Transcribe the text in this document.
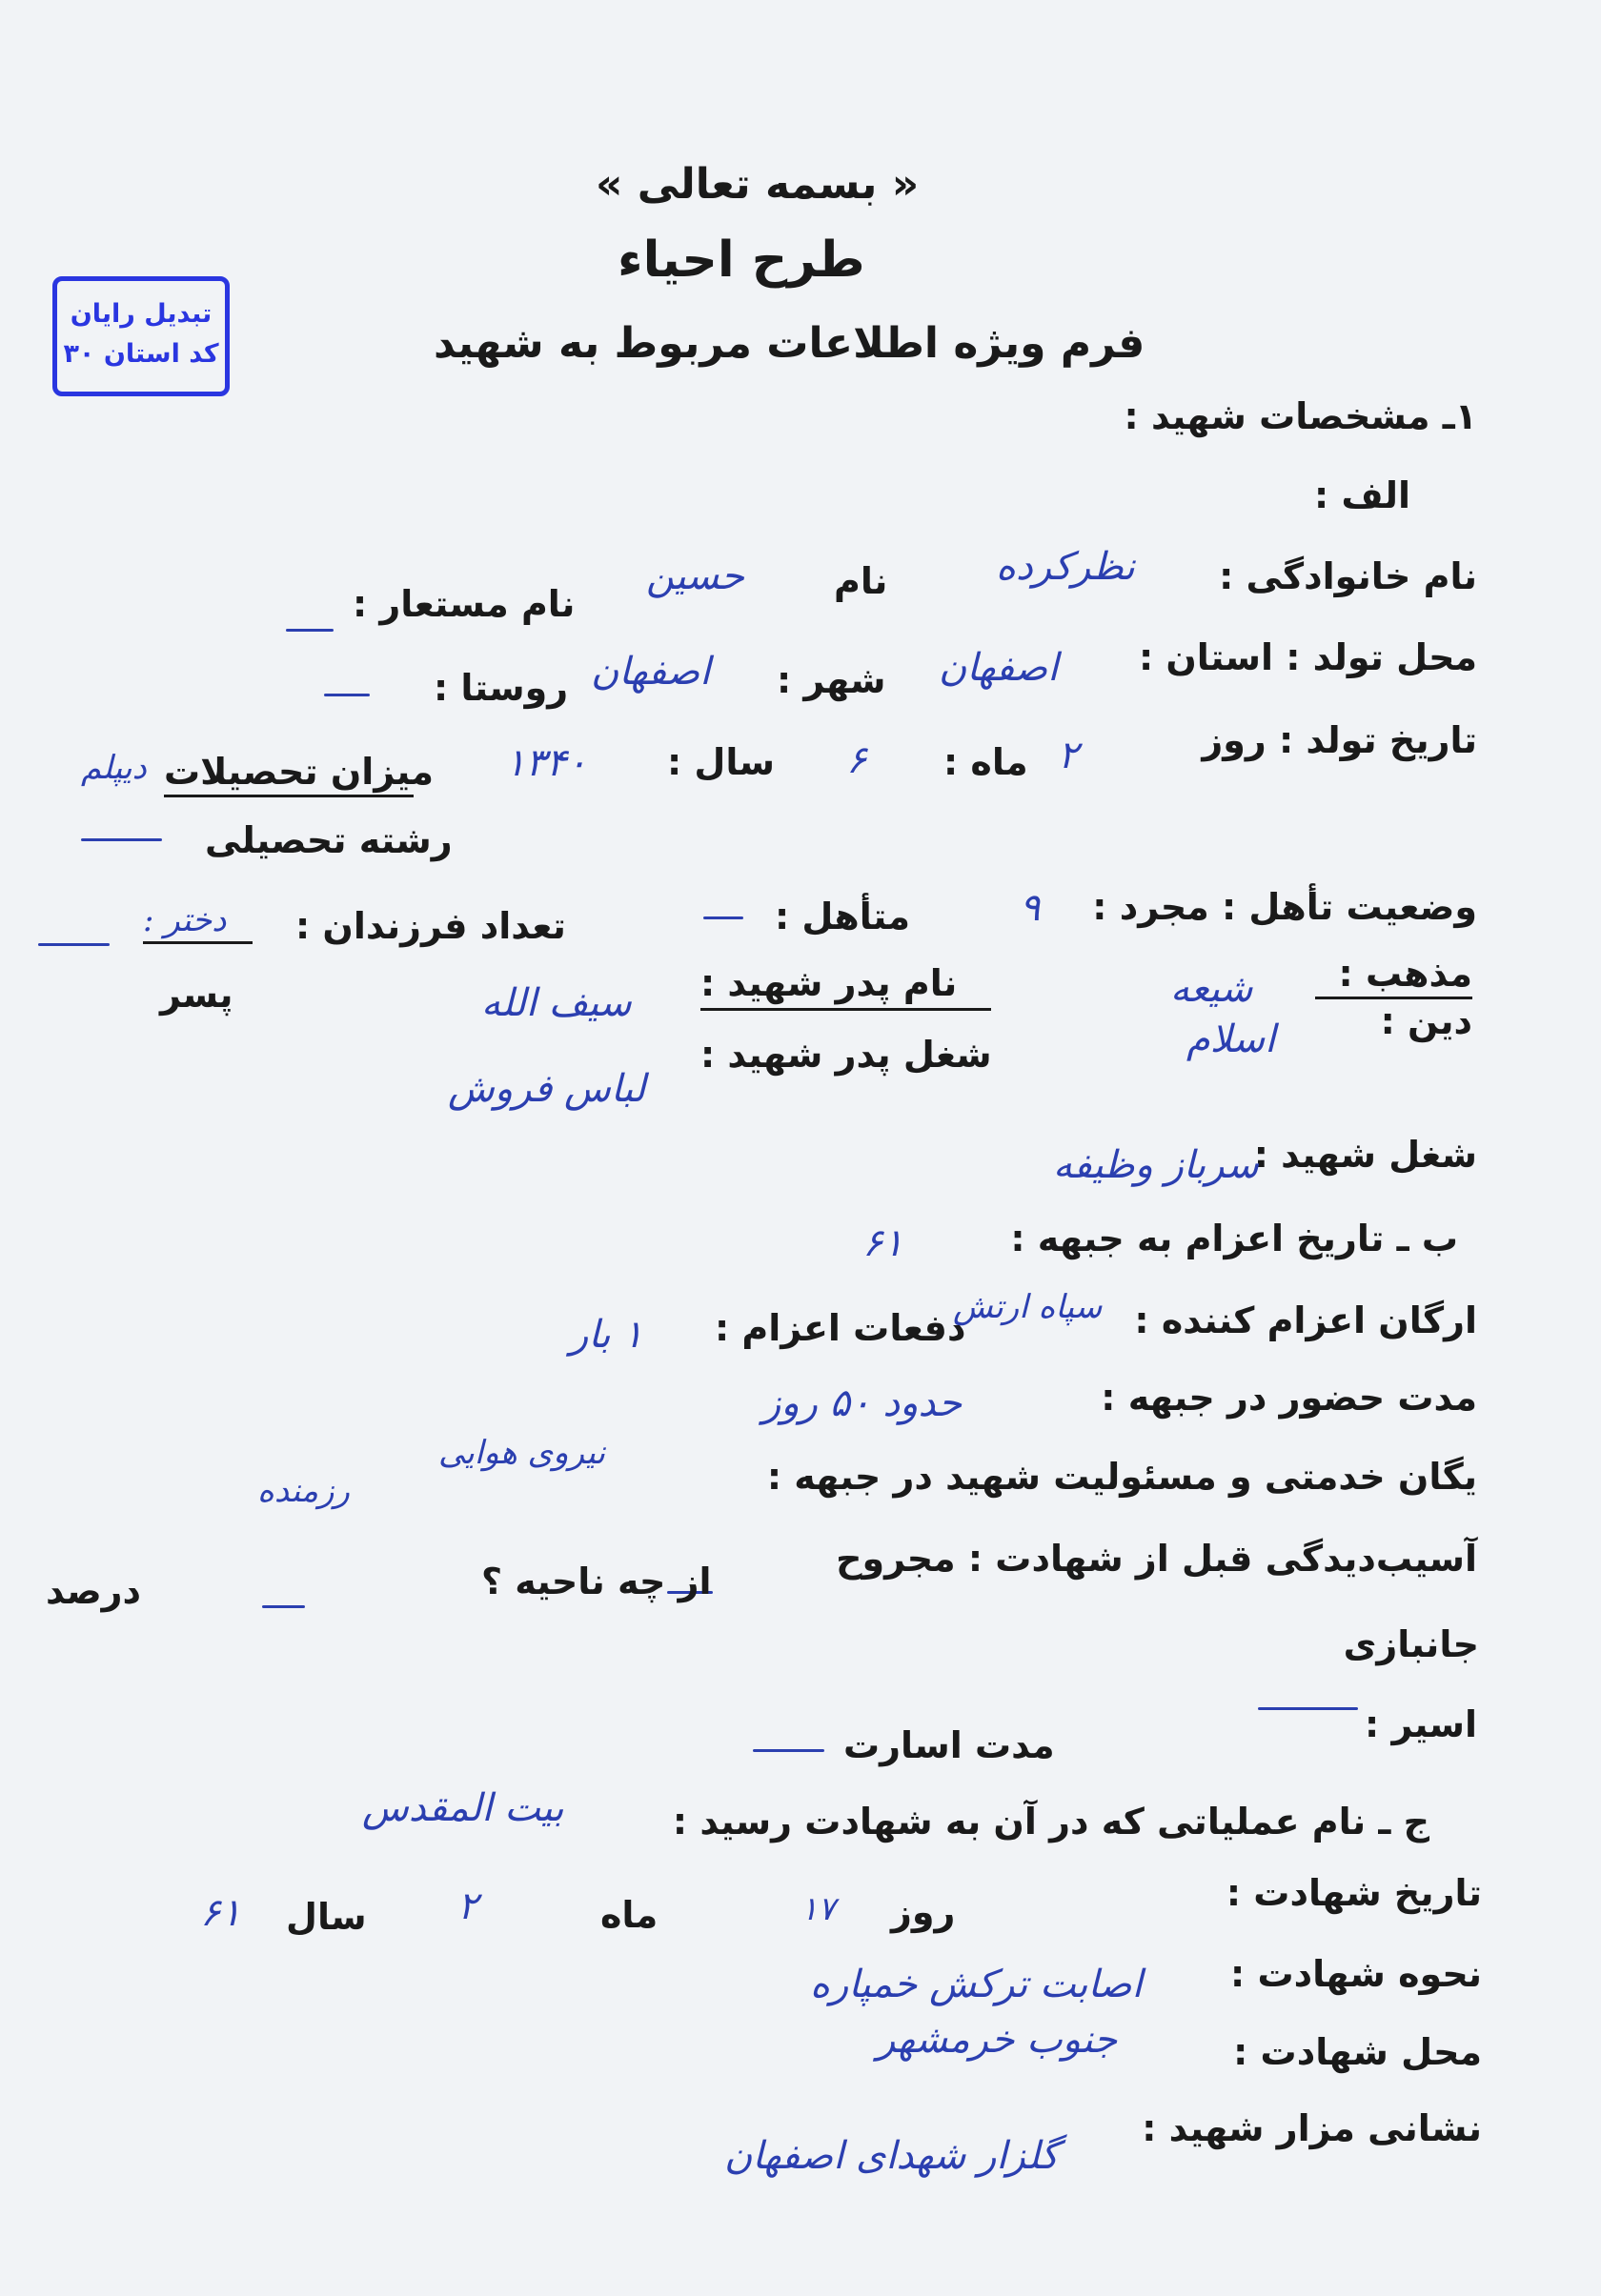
تبدیل رایان
کد استان ۳۰
« بسمه تعالی »
طرح احیاء
فرم ویژه اطلاعات مربوط به شهید
۱ـ مشخصات شهید :
الف :
نام خانوادگی :
نظرکرده
نام
حسین
نام مستعار :
محل تولد : استان :
اصفهان
شهر :
اصفهان
روستا :
تاریخ تولد : روز
۲
ماه :
۶
سال :
۱۳۴۰
میزان تحصیلات
دیپلم
رشته تحصیلی
وضعیت تأهل : مجرد :
۹
متأهل :
تعداد فرزندان :
دختر :
پسر	مذهب :
شیعه
دین :
اسلام
نام پدر شهید :
سیف الله
شغل پدر شهید :
لباس فروش
شغل شهید :
سرباز وظیفه
ب ـ تاریخ اعزام به جبهه :
۶۱
ارگان اعزام کننده :
سپاه ارتش
دفعات اعزام :
۱ بار
مدت حضور در جبهه :
حدود ۵۰ روز
یگان خدمتی و مسئولیت شهید در جبهه :
نیروی هوایی
رزمنده
آسیب‌دیدگی قبل از شهادت : مجروح
از چه ناحیه ؟
درصد
جانبازی
اسیر :
مدت اسارت
ج ـ نام عملیاتی که در آن به شهادت رسید :
بیت المقدس
تاریخ شهادت :
روز
۱۷
ماه
۲
سال
۶۱
نحوه شهادت :
اصابت ترکش خمپاره
محل شهادت :
جنوب خرمشهر
نشانی مزار شهید :
گلزار شهدای اصفهان
